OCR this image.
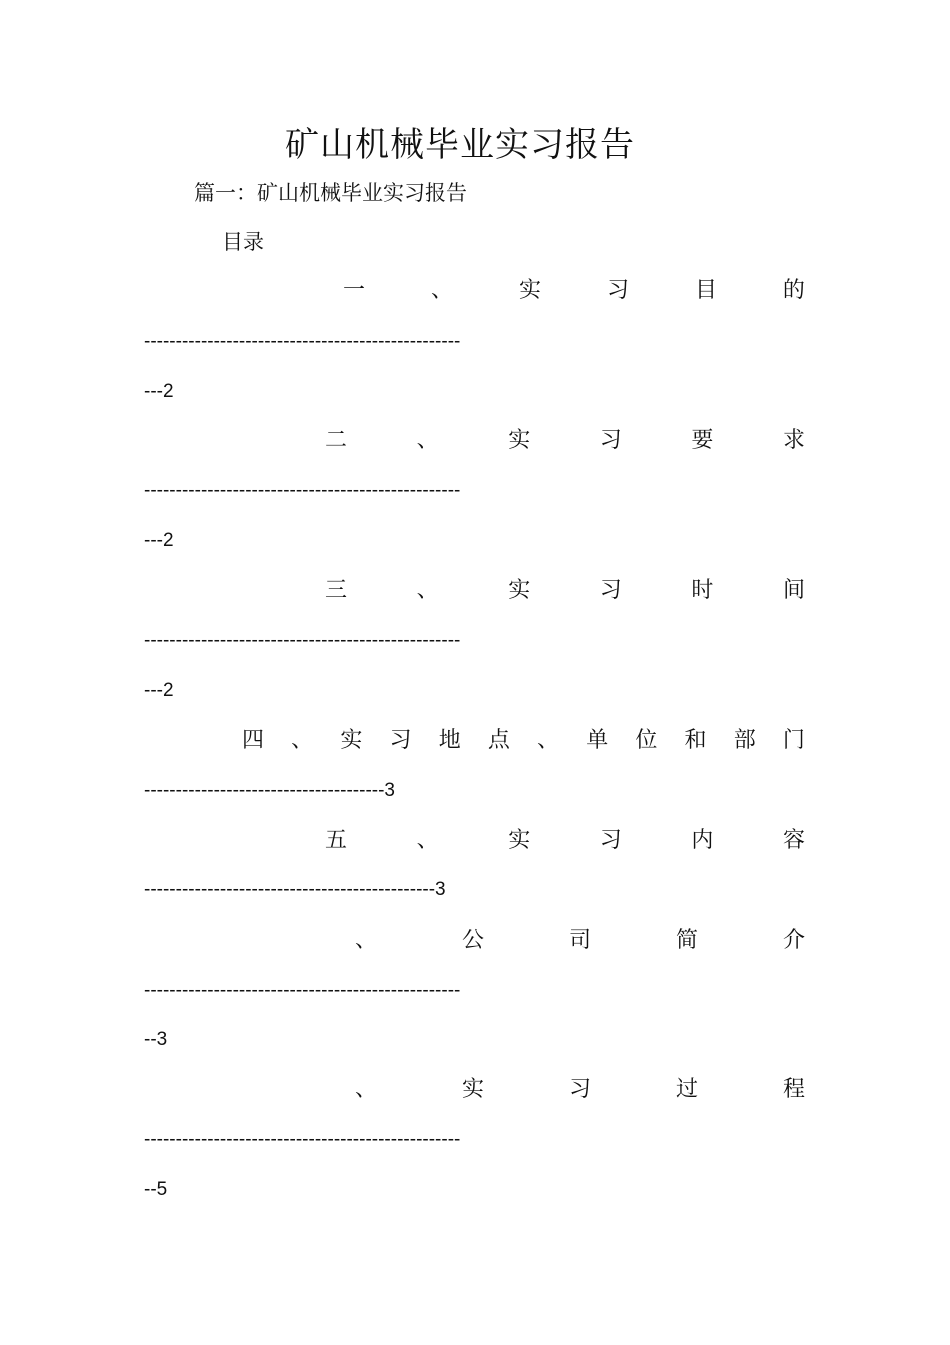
矿山机械毕业实习报告
篇一：矿山机械毕业实习报告
目录
一	、	实	习	目	的
--------------------------------------------------
---2
二	、	实	习	要	求
--------------------------------------------------
---2
三	、	实	习	时	间
--------------------------------------------------
---2
四 、 实 习 地 点 、 单 位 和 部 门
--------------------------------------3
五	、	实	习	内	容
----------------------------------------------3
、	公	司	简	介
--------------------------------------------------
--3
、	实	习	过	程
--------------------------------------------------
--5
